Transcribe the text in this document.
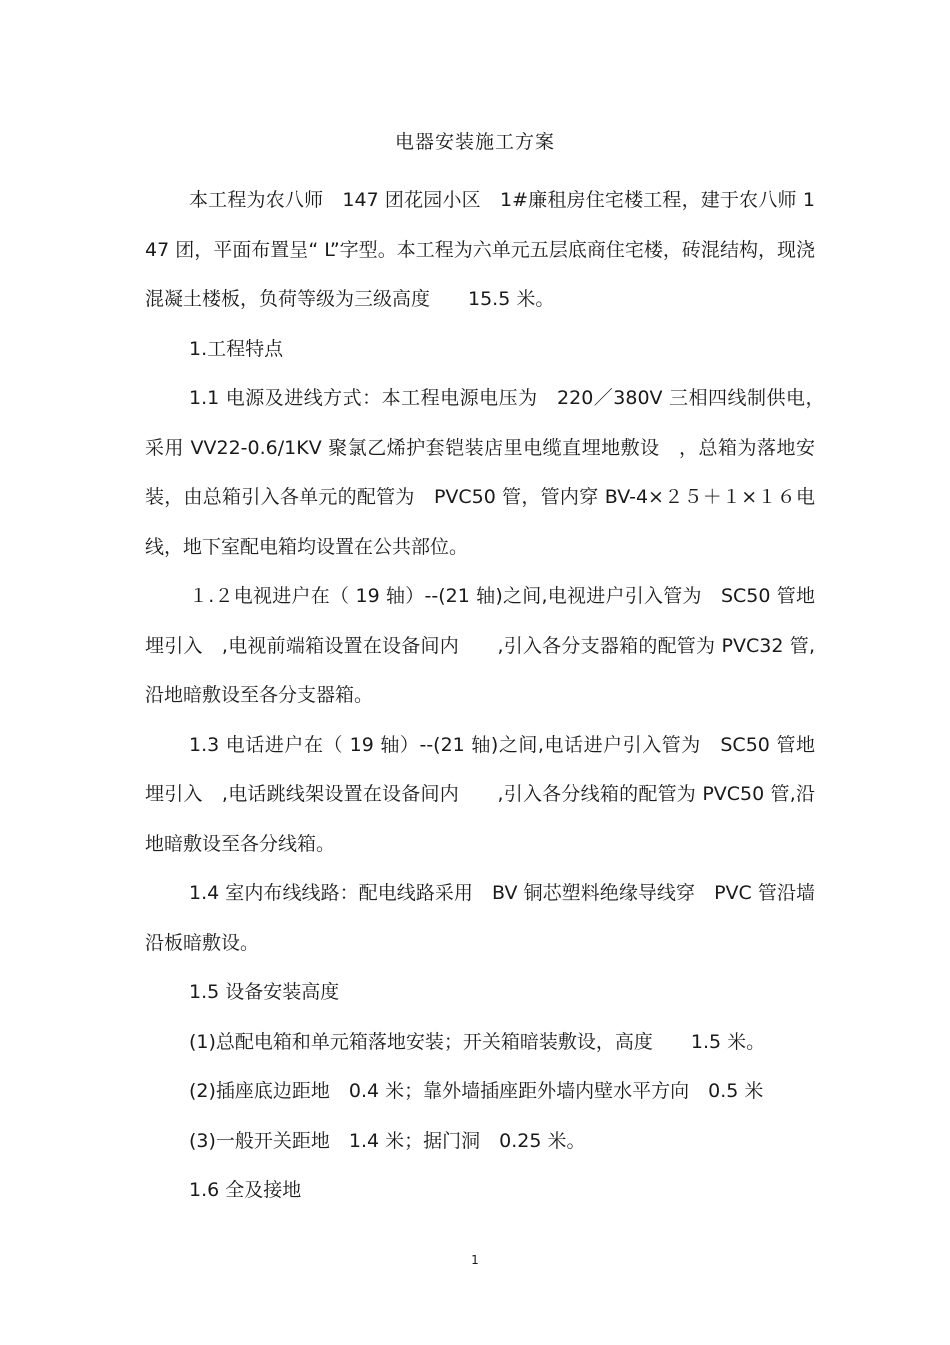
电器安装施工方案

本工程为农八师　147 团花园小区　1#廉租房住宅楼工程，建于农八师 147 团，平面布置呈“ L”字型。本工程为六单元五层底商住宅楼，砖混结构，现浇混凝土楼板，负荷等级为三级高度　　15.5 米。

1.工程特点

1.1 电源及进线方式：本工程电源电压为　220／380V 三相四线制供电，　采用 VV22-0.6/1KV 聚氯乙烯护套铠装店里电缆直埋地敷设　，总箱为落地安装，由总箱引入各单元的配管为　PVC50 管，管内穿 BV-4×２５＋１×１６电线，地下室配电箱均设置在公共部位。

１.２电视进户在（ 19 轴）--(21 轴)之间,电视进户引入管为　SC50 管地埋引入　,电视前端箱设置在设备间内　　,引入各分支器箱的配管为 PVC32 管,沿地暗敷设至各分支器箱。

1.3 电话进户在（ 19 轴）--(21 轴)之间,电话进户引入管为　SC50 管地埋引入　,电话跳线架设置在设备间内　　,引入各分线箱的配管为 PVC50 管,沿地暗敷设至各分线箱。

1.4 室内布线线路：配电线路采用　BV 铜芯塑料绝缘导线穿　PVC 管沿墙沿板暗敷设。

1.5 设备安装高度

(1)总配电箱和单元箱落地安装；开关箱暗装敷设，高度　　1.5 米。

(2)插座底边距地　0.4 米；靠外墙插座距外墙内壁水平方向　0.5 米

(3)一般开关距地　1.4 米；据门洞　0.25 米。

1.6 全及接地

1
